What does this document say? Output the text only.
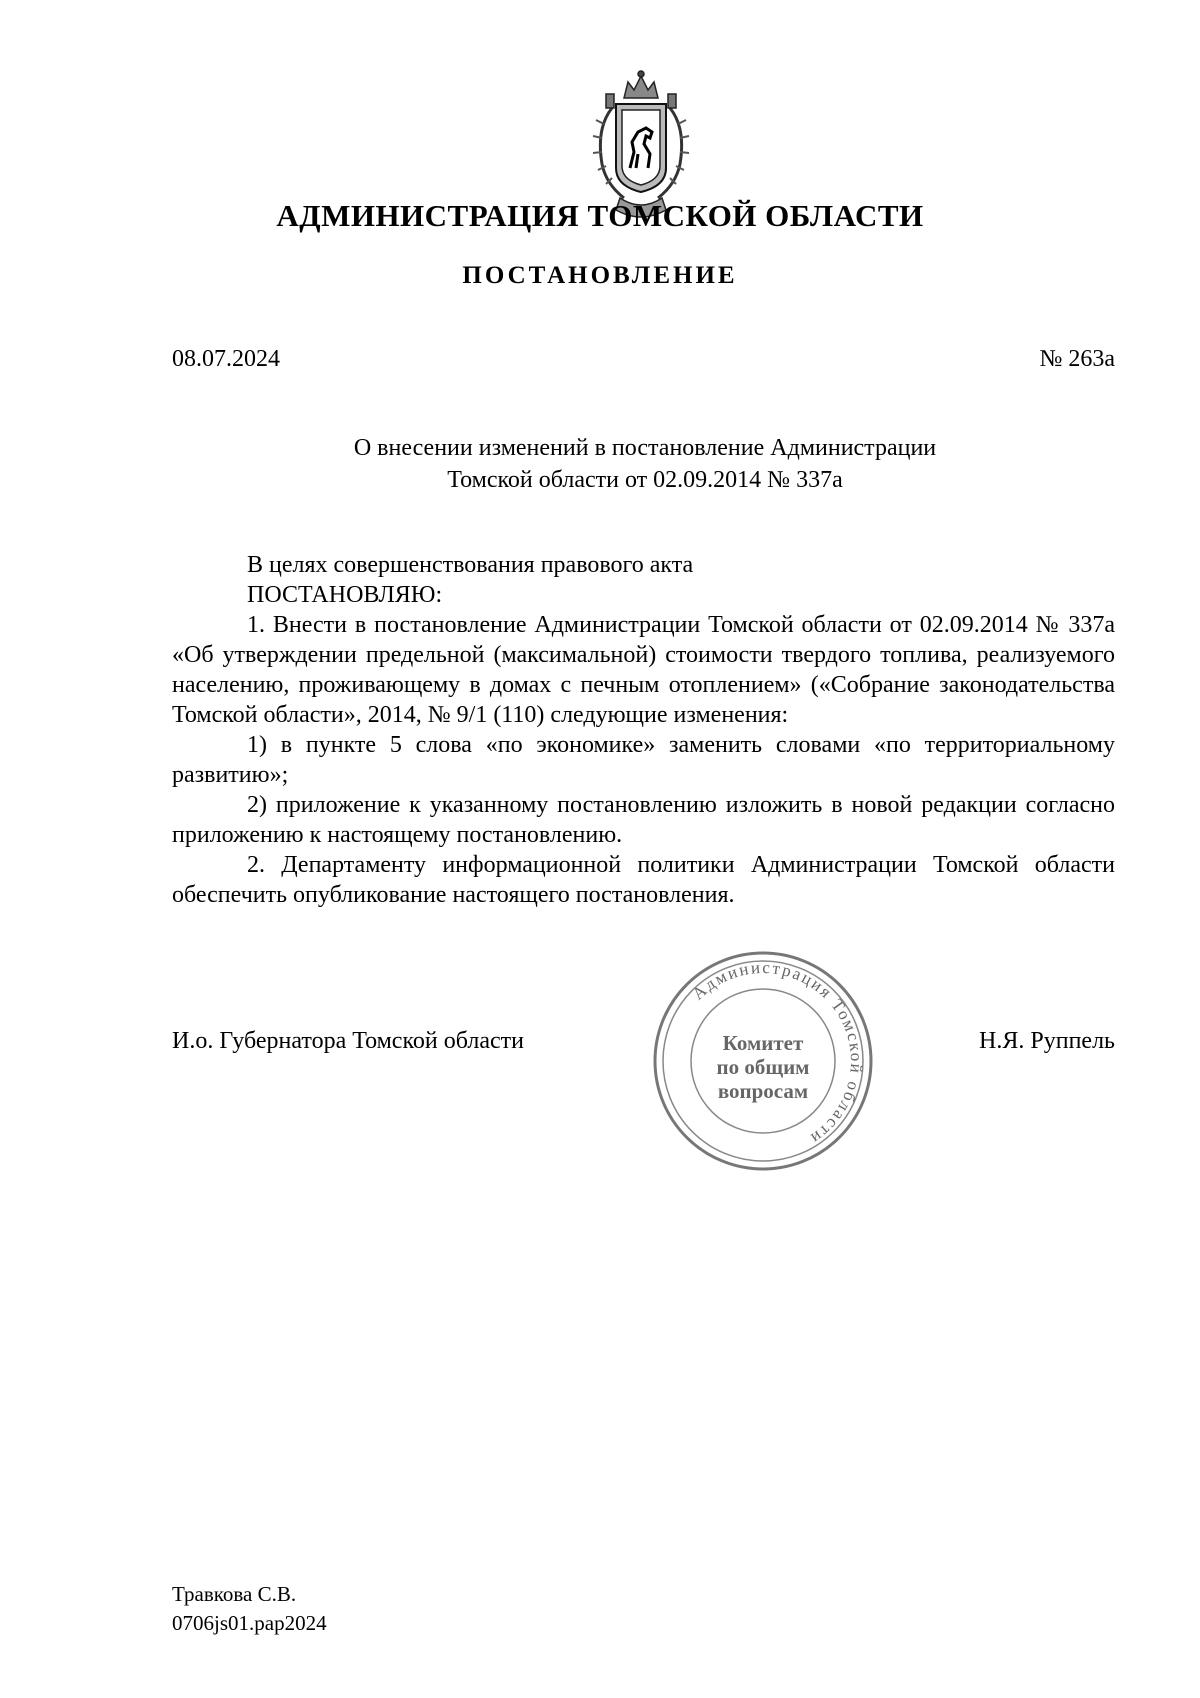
АДМИНИСТРАЦИЯ ТОМСКОЙ ОБЛАСТИ
ПОСТАНОВЛЕНИЕ
08.07.2024	№ 263а
О внесении изменений в постановление Администрации
Томской области от 02.09.2014 № 337а

В целях совершенствования правового акта

ПОСТАНОВЛЯЮ:

1. Внести в постановление Администрации Томской области от 02.09.2014 № 337а «Об утверждении предельной (максимальной) стоимости твердого топлива, реализуемого населению, проживающему в домах с печным отоплением» («Собрание законодательства Томской области», 2014, № 9/1 (110) следующие изменения:

1) в пункте 5 слова «по экономике» заменить словами «по территориальному развитию»;

2) приложение к указанному постановлению изложить в новой редакции согласно приложению к настоящему постановлению.

2. Департаменту информационной политики Администрации Томской области обеспечить опубликование настоящего постановления.

И.о. Губернатора Томской области	Н.Я. Руппель
Администрация Томской области
Комитет
по общим
вопросам
Травкова С.В.
0706js01.рар2024
